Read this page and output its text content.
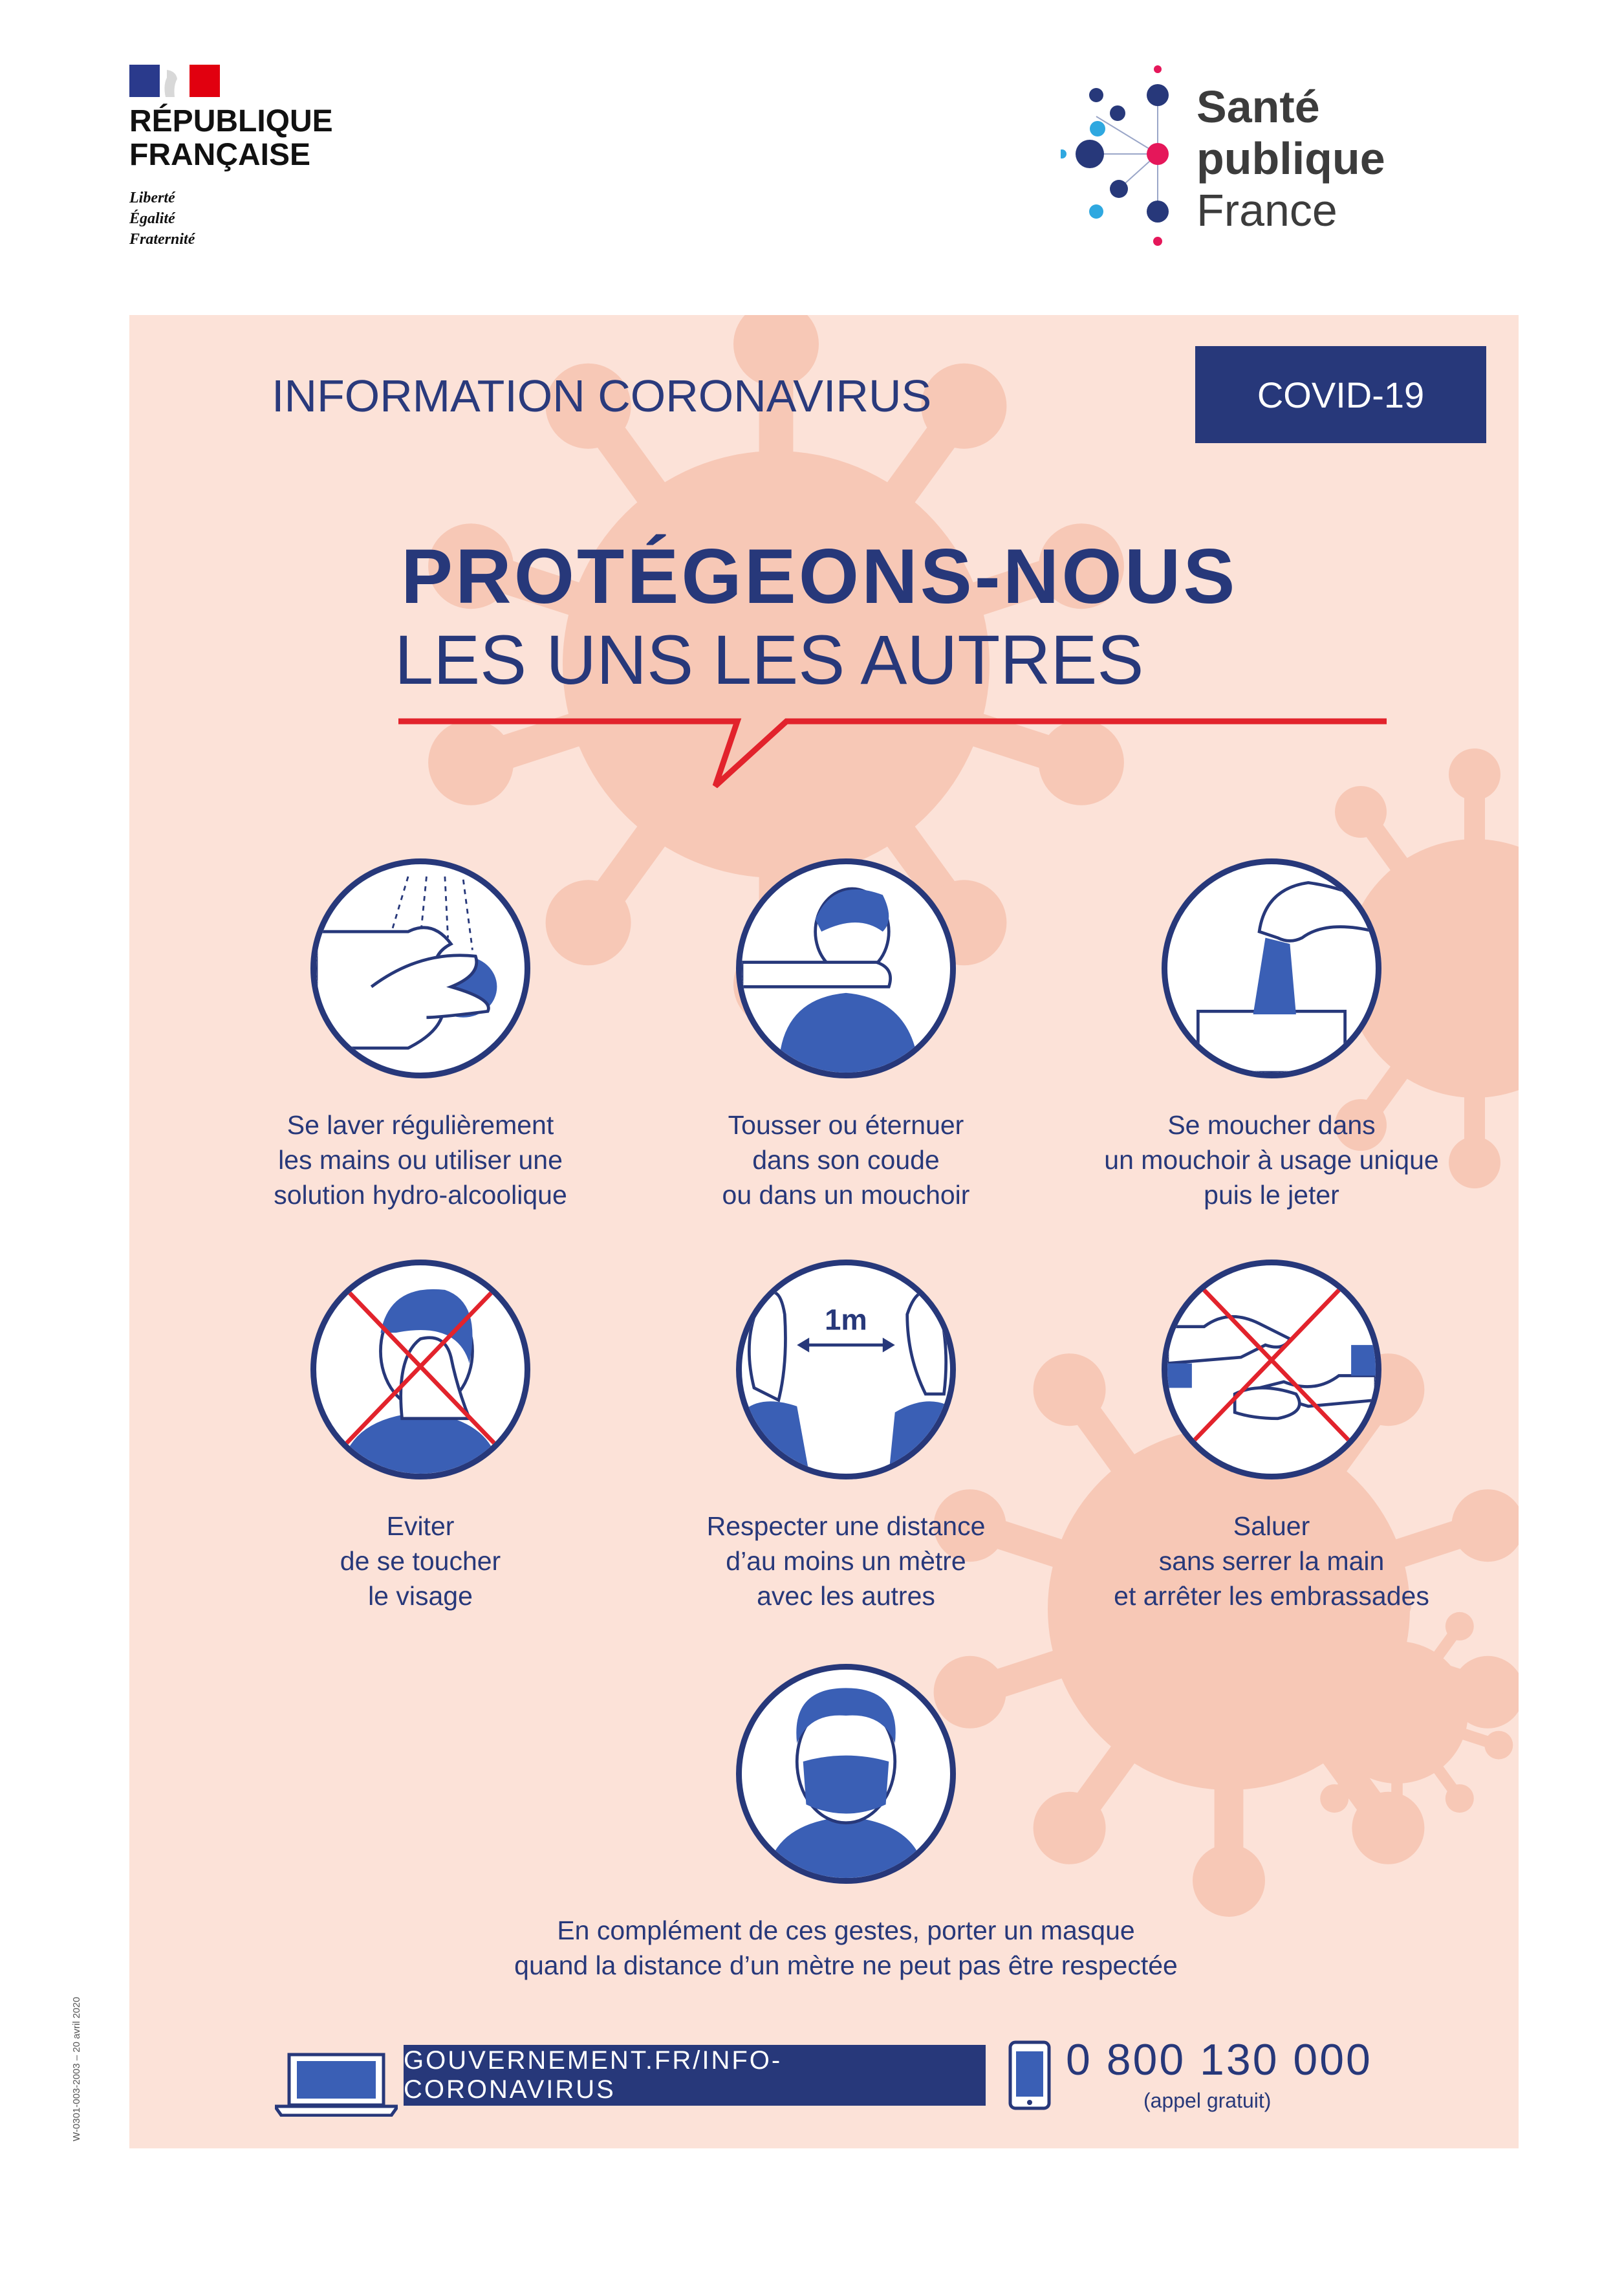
RÉPUBLIQUE
FRANÇAISE
Liberté
Égalité
Fraternité
Santé
publique
France
INFORMATION CORONAVIRUS	COVID-19
PROTÉGEONS-NOUS
LES UNS LES AUTRES
Se laver régulièrement
les mains ou utiliser une
solution hydro-alcoolique
Tousser ou éternuer
dans son coude
ou dans un mouchoir
Se moucher dans
un mouchoir à usage unique
puis le jeter
Eviter
de se toucher
le visage
1m
Respecter une distance
d’au moins un mètre
avec les autres
Saluer
sans serrer la main
et arrêter les embrassades
En complément de ces gestes, porter un masque
quand la distance d’un mètre ne peut pas être respectée
GOUVERNEMENT.FR/INFO-CORONAVIRUS
0 800 130 000
(appel gratuit)
W-0301-003-2003 – 20 avril 2020
